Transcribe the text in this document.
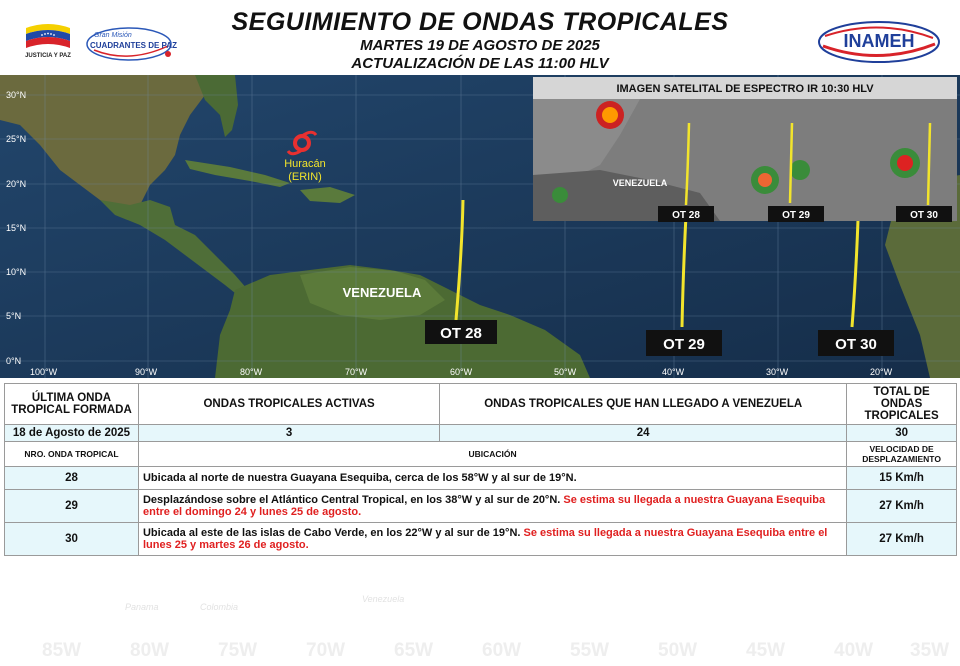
JUSTICIA Y PAZ
Gran Misión
CUADRANTES DE PAZ
SEGUIMIENTO DE ONDAS TROPICALES
MARTES 19 DE AGOSTO DE 2025
ACTUALIZACIÓN DE LAS 11:00 HLV
INAMEH
30°N
25°N
20°N
15°N
10°N
5°N
0°N
100°W	90°W	80°W	70°W	60°W	50°W	40°W	30°W	20°W
Huracán
(ERIN)
VENEZUELA
OT 28
OT 29	OT 30
IMAGEN SATELITAL DE ESPECTRO IR 10:30 HLV
VENEZUELA
OT 28	OT 29	OT 30
ÚLTIMA ONDA TROPICAL FORMADA	ONDAS TROPICALES ACTIVAS	ONDAS TROPICALES QUE HAN LLEGADO A VENEZUELA	TOTAL DE ONDAS TROPICALES
18 de Agosto de 2025	3	24	30
NRO. ONDA TROPICAL	UBICACIÓN		VELOCIDAD DE DESPLAZAMIENTO
28	Ubicada al norte de nuestra Guayana Esequiba, cerca de los 58°W y al sur de 19°N.		15 Km/h
29	Desplazándose sobre el Atlántico Central Tropical, en los 38°W y al sur de 20°N. Se estima su llegada a nuestra Guayana Esequiba entre el domingo 24 y lunes 25 de agosto.		27 Km/h
30	Ubicada al este de las islas de Cabo Verde, en los 22°W y al sur de 19°N. Se estima su llegada a nuestra Guayana Esequiba entre el lunes 25 y martes 26 de agosto.		27 Km/h
Panama	Colombia
Venezuela
85W	80W	75W	70W	65W	60W	55W	50W	45W	40W 35W
